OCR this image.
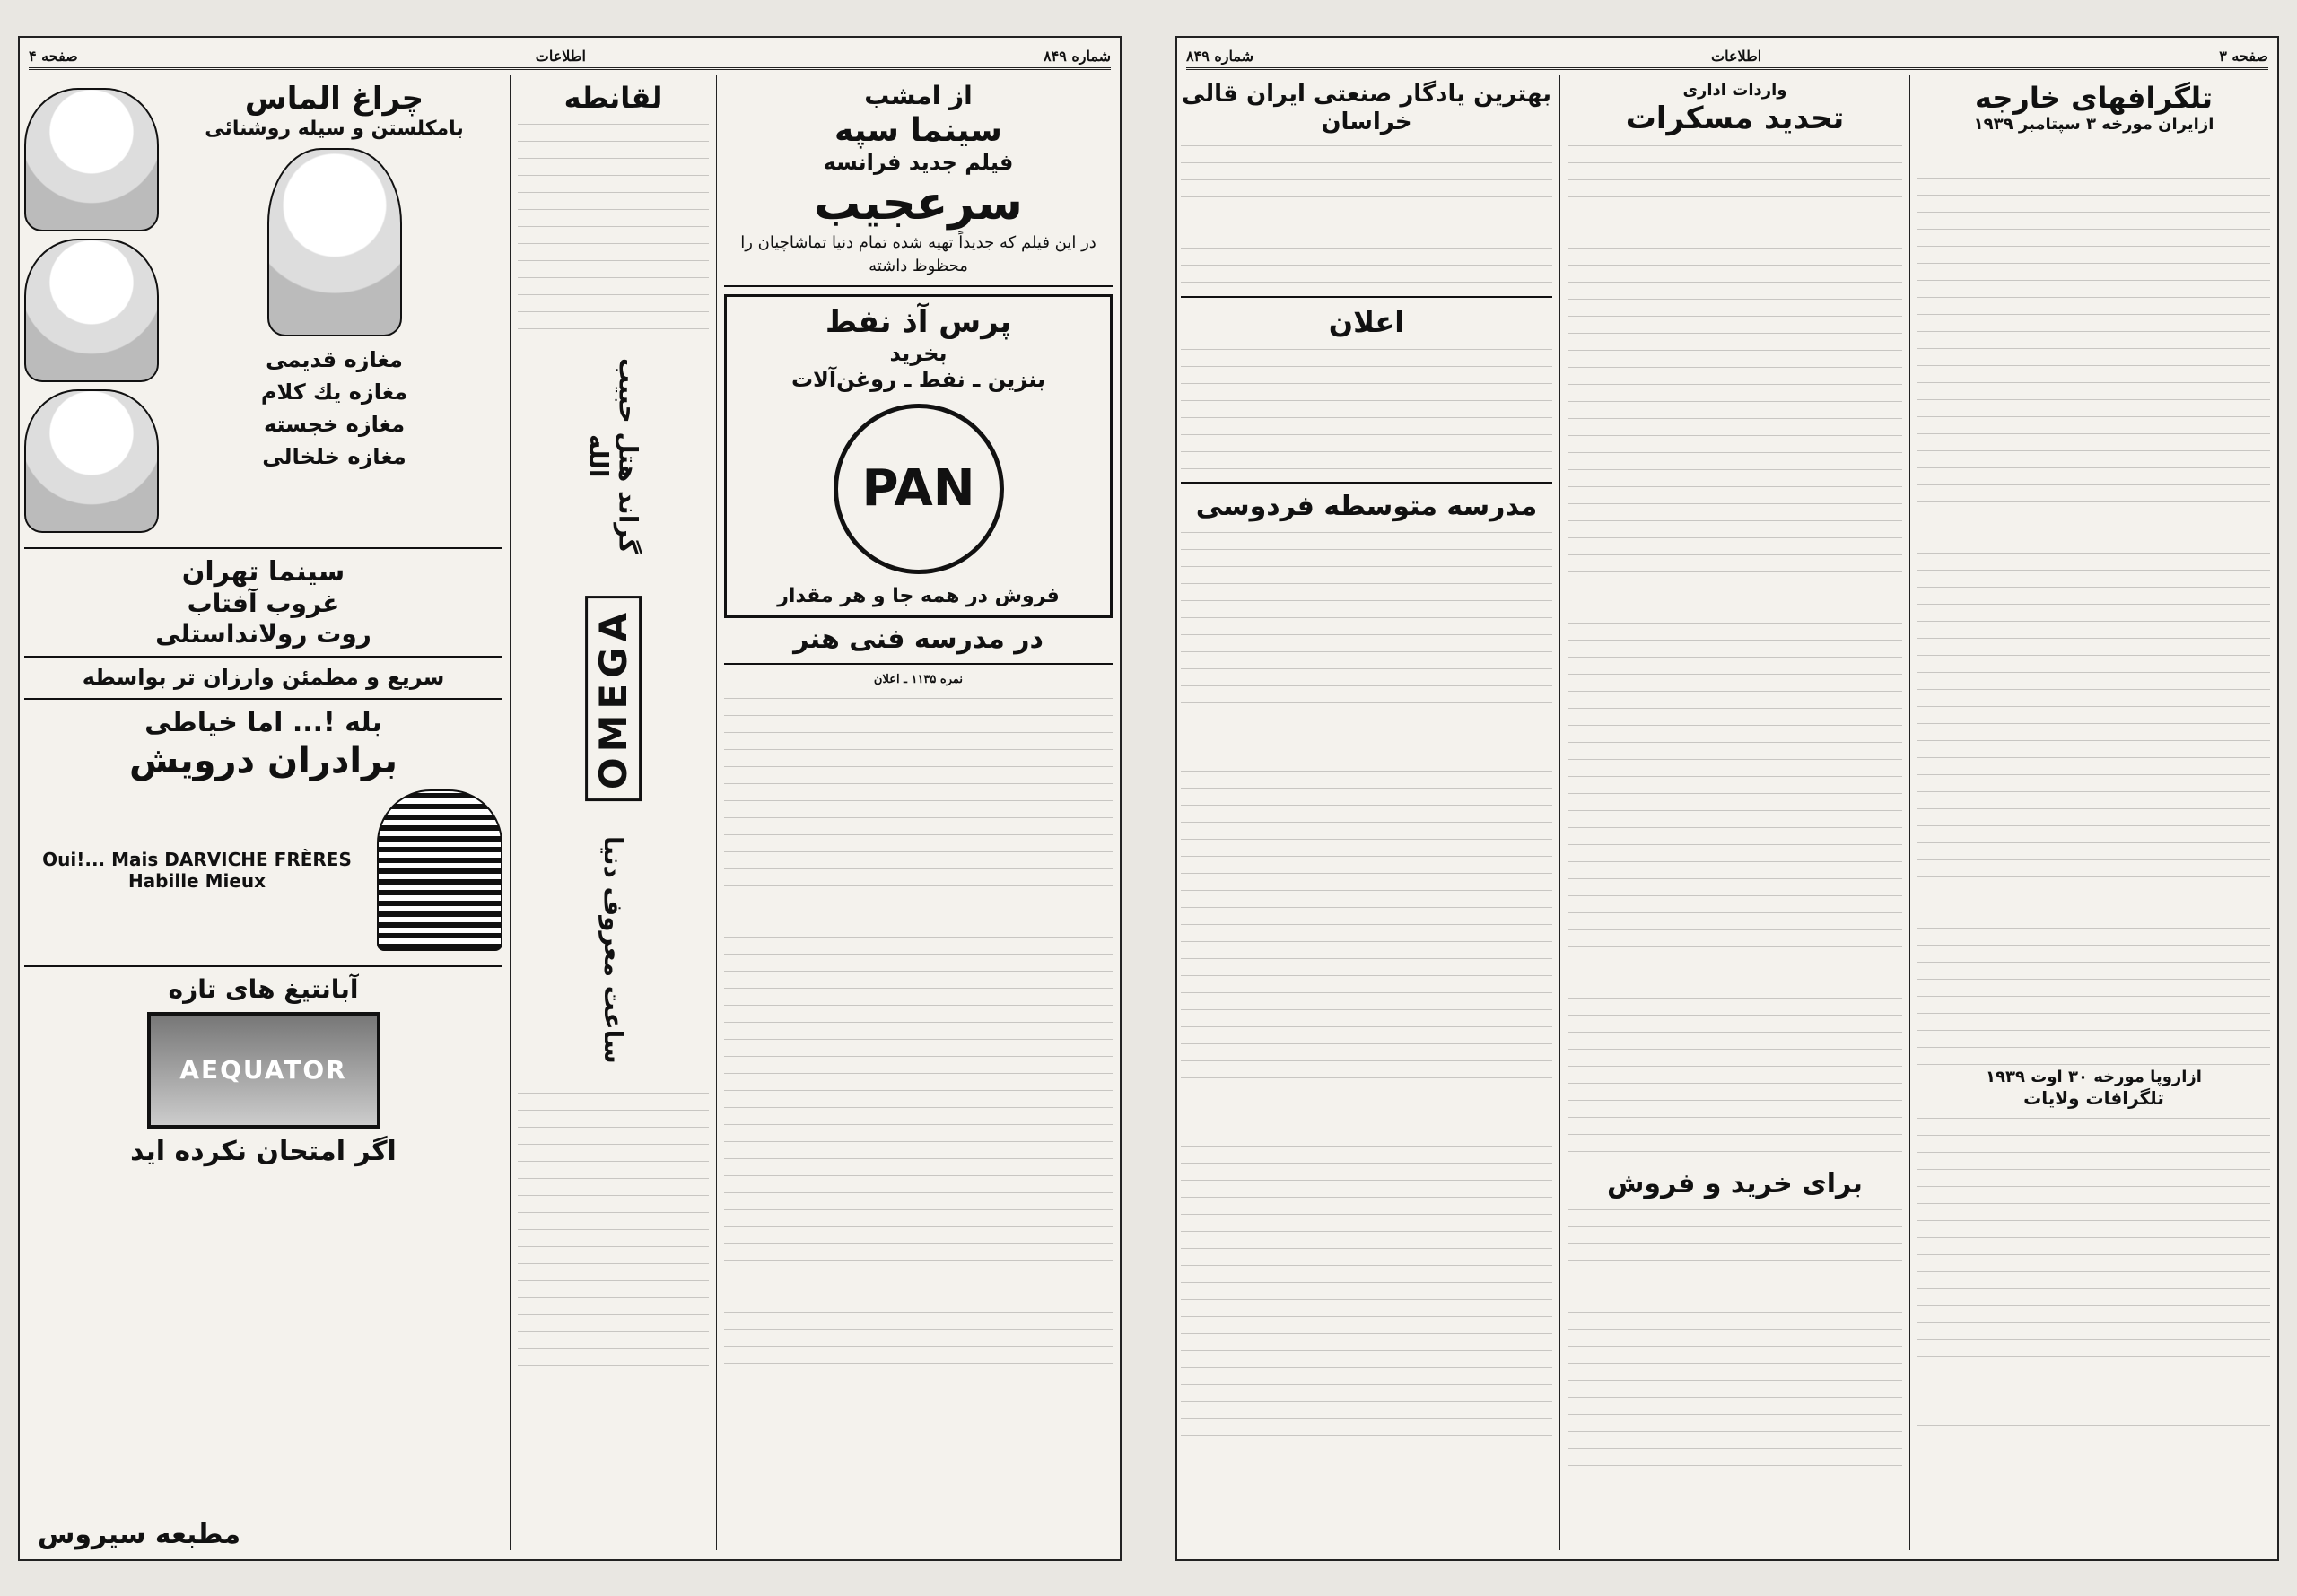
شماره ۸۴۹
اطلاعات
صفحه ۴
از امشب
سینما سپه
فیلم جدید فرانسه
سرعجیب
در این فیلم که جدیداً تهیه شده تمام دنیا تماشاچیان را محظوظ داشته
پرس آذ نفط
بخرید
بنزین ـ نفط ـ روغن‌آلات
PAN
فروش در همه جا و هر مقدار
در مدرسه فنی هنر
نمره ۱۱۳۵ ـ اعلان
لقانطه
گراند هتل حبیب الله
OMEGA
ساعت معروف دنیا
چراغ الماس
بامکلستن و سیله روشنائی
مغازه قدیمی
مغازه یك کلام
مغازه خجسته
مغازه خلخالی
سینما تهران
غروب آفتاب
روت رولانداستلی
سریع و مطمئن وارزان تر بواسطه
بله !... اما خیاطی
برادران درویش
Oui!... Mais DARVICHE FRÈRES Habille Mieux
آبانتیغ های تازه
AEQUATOR
اگر امتحان نکرده اید
مطبعه سیروس
صفحه ۳
اطلاعات
شماره ۸۴۹
تلگرافهای خارجه
ازایران مورخه ۳ سپتامبر ۱۹۳۹
ازاروپا مورخه ۳۰ اوت ۱۹۳۹
تلگرافات ولایات
واردات اداری
تحدید مسکرات
برای خرید و فروش
بهترین یادگار صنعتی ایران قالی خراسان
اعلان
مدرسه متوسطه فردوسی
